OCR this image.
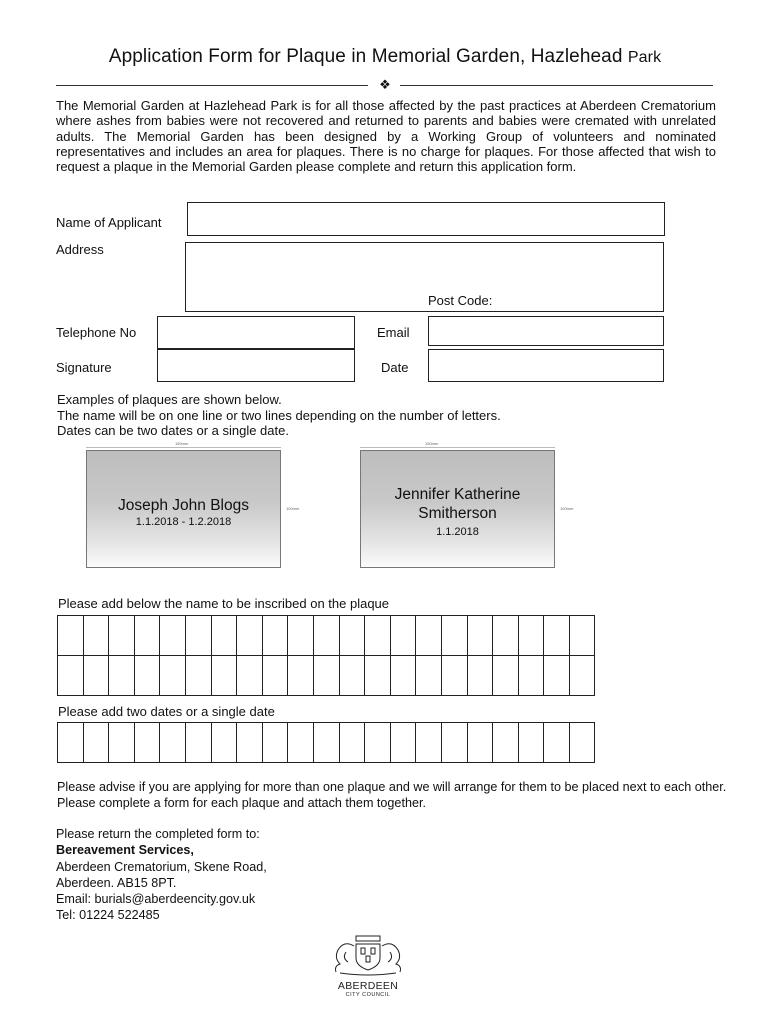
Application Form for Plaque in Memorial Garden, Hazlehead Park
❖
The Memorial Garden at Hazlehead Park is for all those affected by the past practices at Aberdeen Crematorium where ashes from babies were not recovered and returned to parents and babies were cremated with unrelated adults. The Memorial Garden has been designed by a Working Group of volunteers and nominated representatives and includes an area for plaques. There is no charge for plaques. For those affected that wish to request a plaque in the Memorial Garden please complete and return this application form.
Name of Applicant
Address
Post Code:
Telephone No	Email
Signature	Date
Examples of plaques are shown below.
The name will be on one line or two lines depending on the number of letters.
Dates can be two dates or a single date.
150mm
Joseph John Blogs
1.1.2018 - 1.2.2018
100mm
150mm
Jennifer Katherine
Smitherson
1.1.2018
100mm
Please add below the name to be inscribed on the plaque

Please add two dates or a single date

Please advise if you are applying for more than one plaque and we will arrange for them to be placed next to each other. Please complete a form for each plaque and attach them together.
Please return the completed form to:
Bereavement Services,
Aberdeen Crematorium, Skene Road,
Aberdeen. AB15 8PT.
Email: burials@aberdeencity.gov.uk
Tel: 01224 522485
ABERDEEN
CITY COUNCIL
